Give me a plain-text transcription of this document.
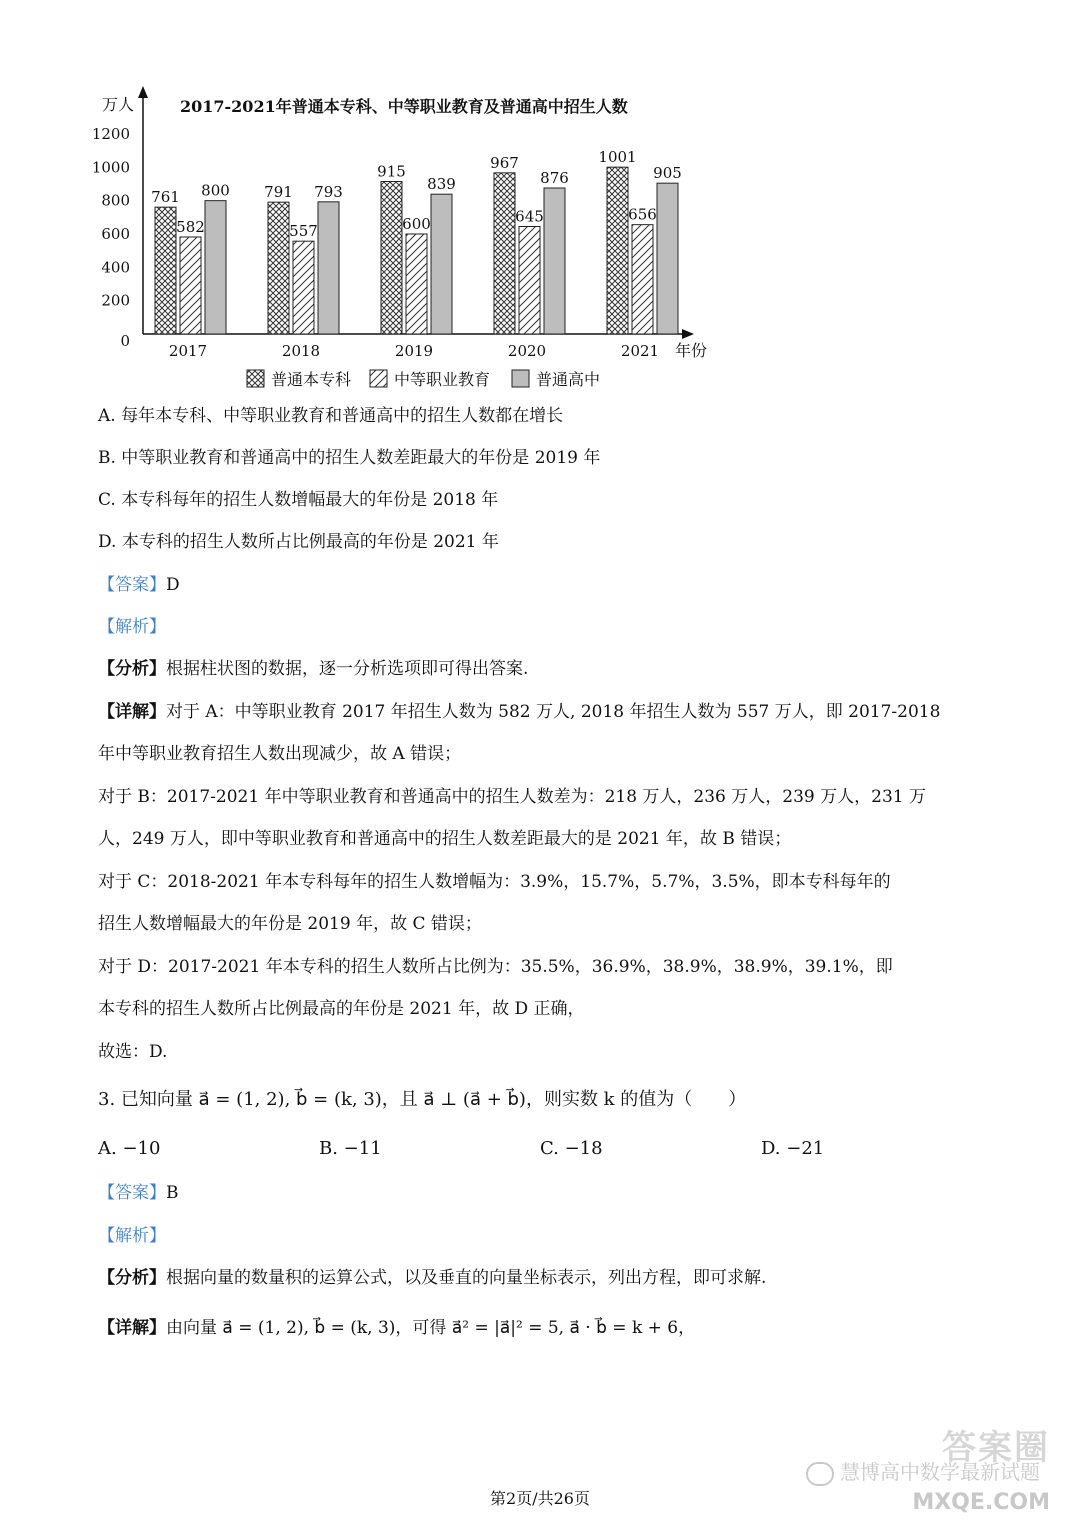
万人	2017-2021年普通本专科、中等职业教育及普通高中招生人数
年份
0
200
400
600
800
1000
1200
761
582
800
2017
791
557
793
2018
915
600
839
2019
967
645
876
2020
1001
656
905
2021
普通本专科	中等职业教育	普通高中
A. 每年本专科、中等职业教育和普通高中的招生人数都在增长
B. 中等职业教育和普通高中的招生人数差距最大的年份是 2019 年
C. 本专科每年的招生人数增幅最大的年份是 2018 年
D. 本专科的招生人数所占比例最高的年份是 2021 年
【答案】D
【解析】
【分析】根据柱状图的数据，逐一分析选项即可得出答案.
【详解】对于 A：中等职业教育 2017 年招生人数为 582 万人, 2018 年招生人数为 557 万人，即 2017-2018
年中等职业教育招生人数出现减少，故 A 错误；
对于 B：2017-2021 年中等职业教育和普通高中的招生人数差为：218 万人，236 万人，239 万人，231 万
人，249 万人，即中等职业教育和普通高中的招生人数差距最大的是 2021 年，故 B 错误；
对于 C：2018-2021 年本专科每年的招生人数增幅为：3.9%，15.7%，5.7%，3.5%，即本专科每年的
招生人数增幅最大的年份是 2019 年，故 C 错误；
对于 D：2017-2021 年本专科的招生人数所占比例为：35.5%，36.9%，38.9%，38.9%，39.1%，即
本专科的招生人数所占比例最高的年份是 2021 年，故 D 正确，
故选：D.
3. 已知向量 a⃗ = (1, 2), b⃗ = (k, 3)，且 a⃗ ⊥ (a⃗ + b⃗)，则实数 k 的值为（　　）
A. −10	B. −11	C. −18	D. −21
【答案】B
【解析】
【分析】根据向量的数量积的运算公式，以及垂直的向量坐标表示，列出方程，即可求解.
【详解】由向量 a⃗ = (1, 2), b⃗ = (k, 3)，可得 a⃗² = |a⃗|² = 5, a⃗ · b⃗ = k + 6，
答案圈
慧博高中数学最新试题
MXQE.COM
第2页/共26页
